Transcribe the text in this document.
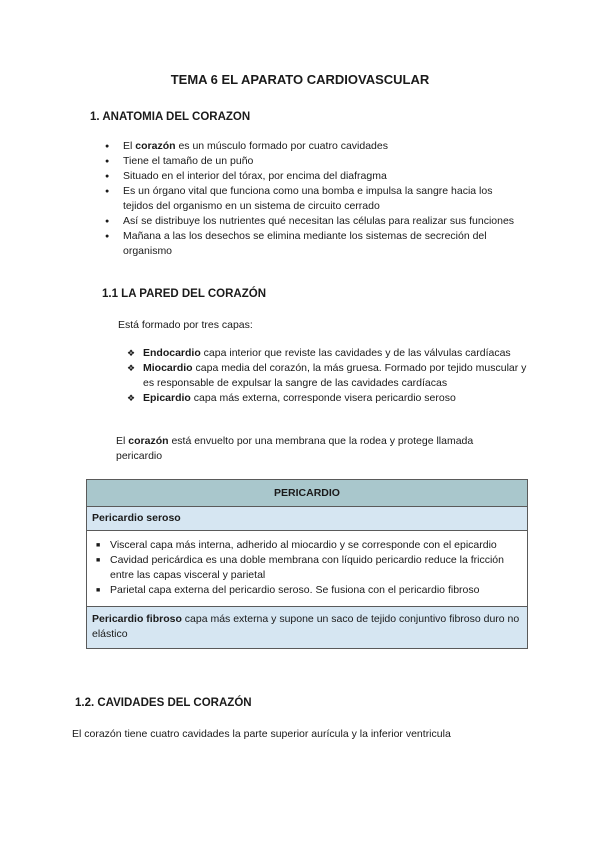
TEMA 6 EL APARATO CARDIOVASCULAR
1. ANATOMIA DEL CORAZON
● El corazón es un músculo formado por cuatro cavidades
● Tiene el tamaño de un puño
● Situado en el interior del tórax, por encima del diafragma
● Es un órgano vital que funciona como una bomba e impulsa la sangre hacia los tejidos del organismo en un sistema de circuito cerrado
● Así se distribuye los nutrientes qué necesitan las células para realizar sus funciones
● Mañana a las los desechos se elimina mediante los sistemas de secreción del organismo
1.1 LA PARED DEL CORAZÓN
Está formado por tres capas:
❖ Endocardio capa interior que reviste las cavidades y de las válvulas cardíacas
❖ Miocardio capa media del corazón, la más gruesa. Formado por tejido muscular y es responsable de expulsar la sangre de las cavidades cardíacas
❖ Epicardio capa más externa, corresponde visera pericardio seroso
El corazón está envuelto por una membrana que la rodea y protege llamada pericardio
PERICARDIO
Pericardio seroso

■ Visceral capa más interna, adherido al miocardio y se corresponde con el epicardio
■ Cavidad pericárdica es una doble membrana con líquido pericardio reduce la fricción entre las capas visceral y parietal
■ Parietal capa externa del pericardio seroso. Se fusiona con el pericardio fibroso

Pericardio fibroso capa más externa y supone un saco de tejido conjuntivo fibroso duro no elástico
1.2. CAVIDADES DEL CORAZÓN
El corazón tiene cuatro cavidades la parte superior aurícula y la inferior ventricula
